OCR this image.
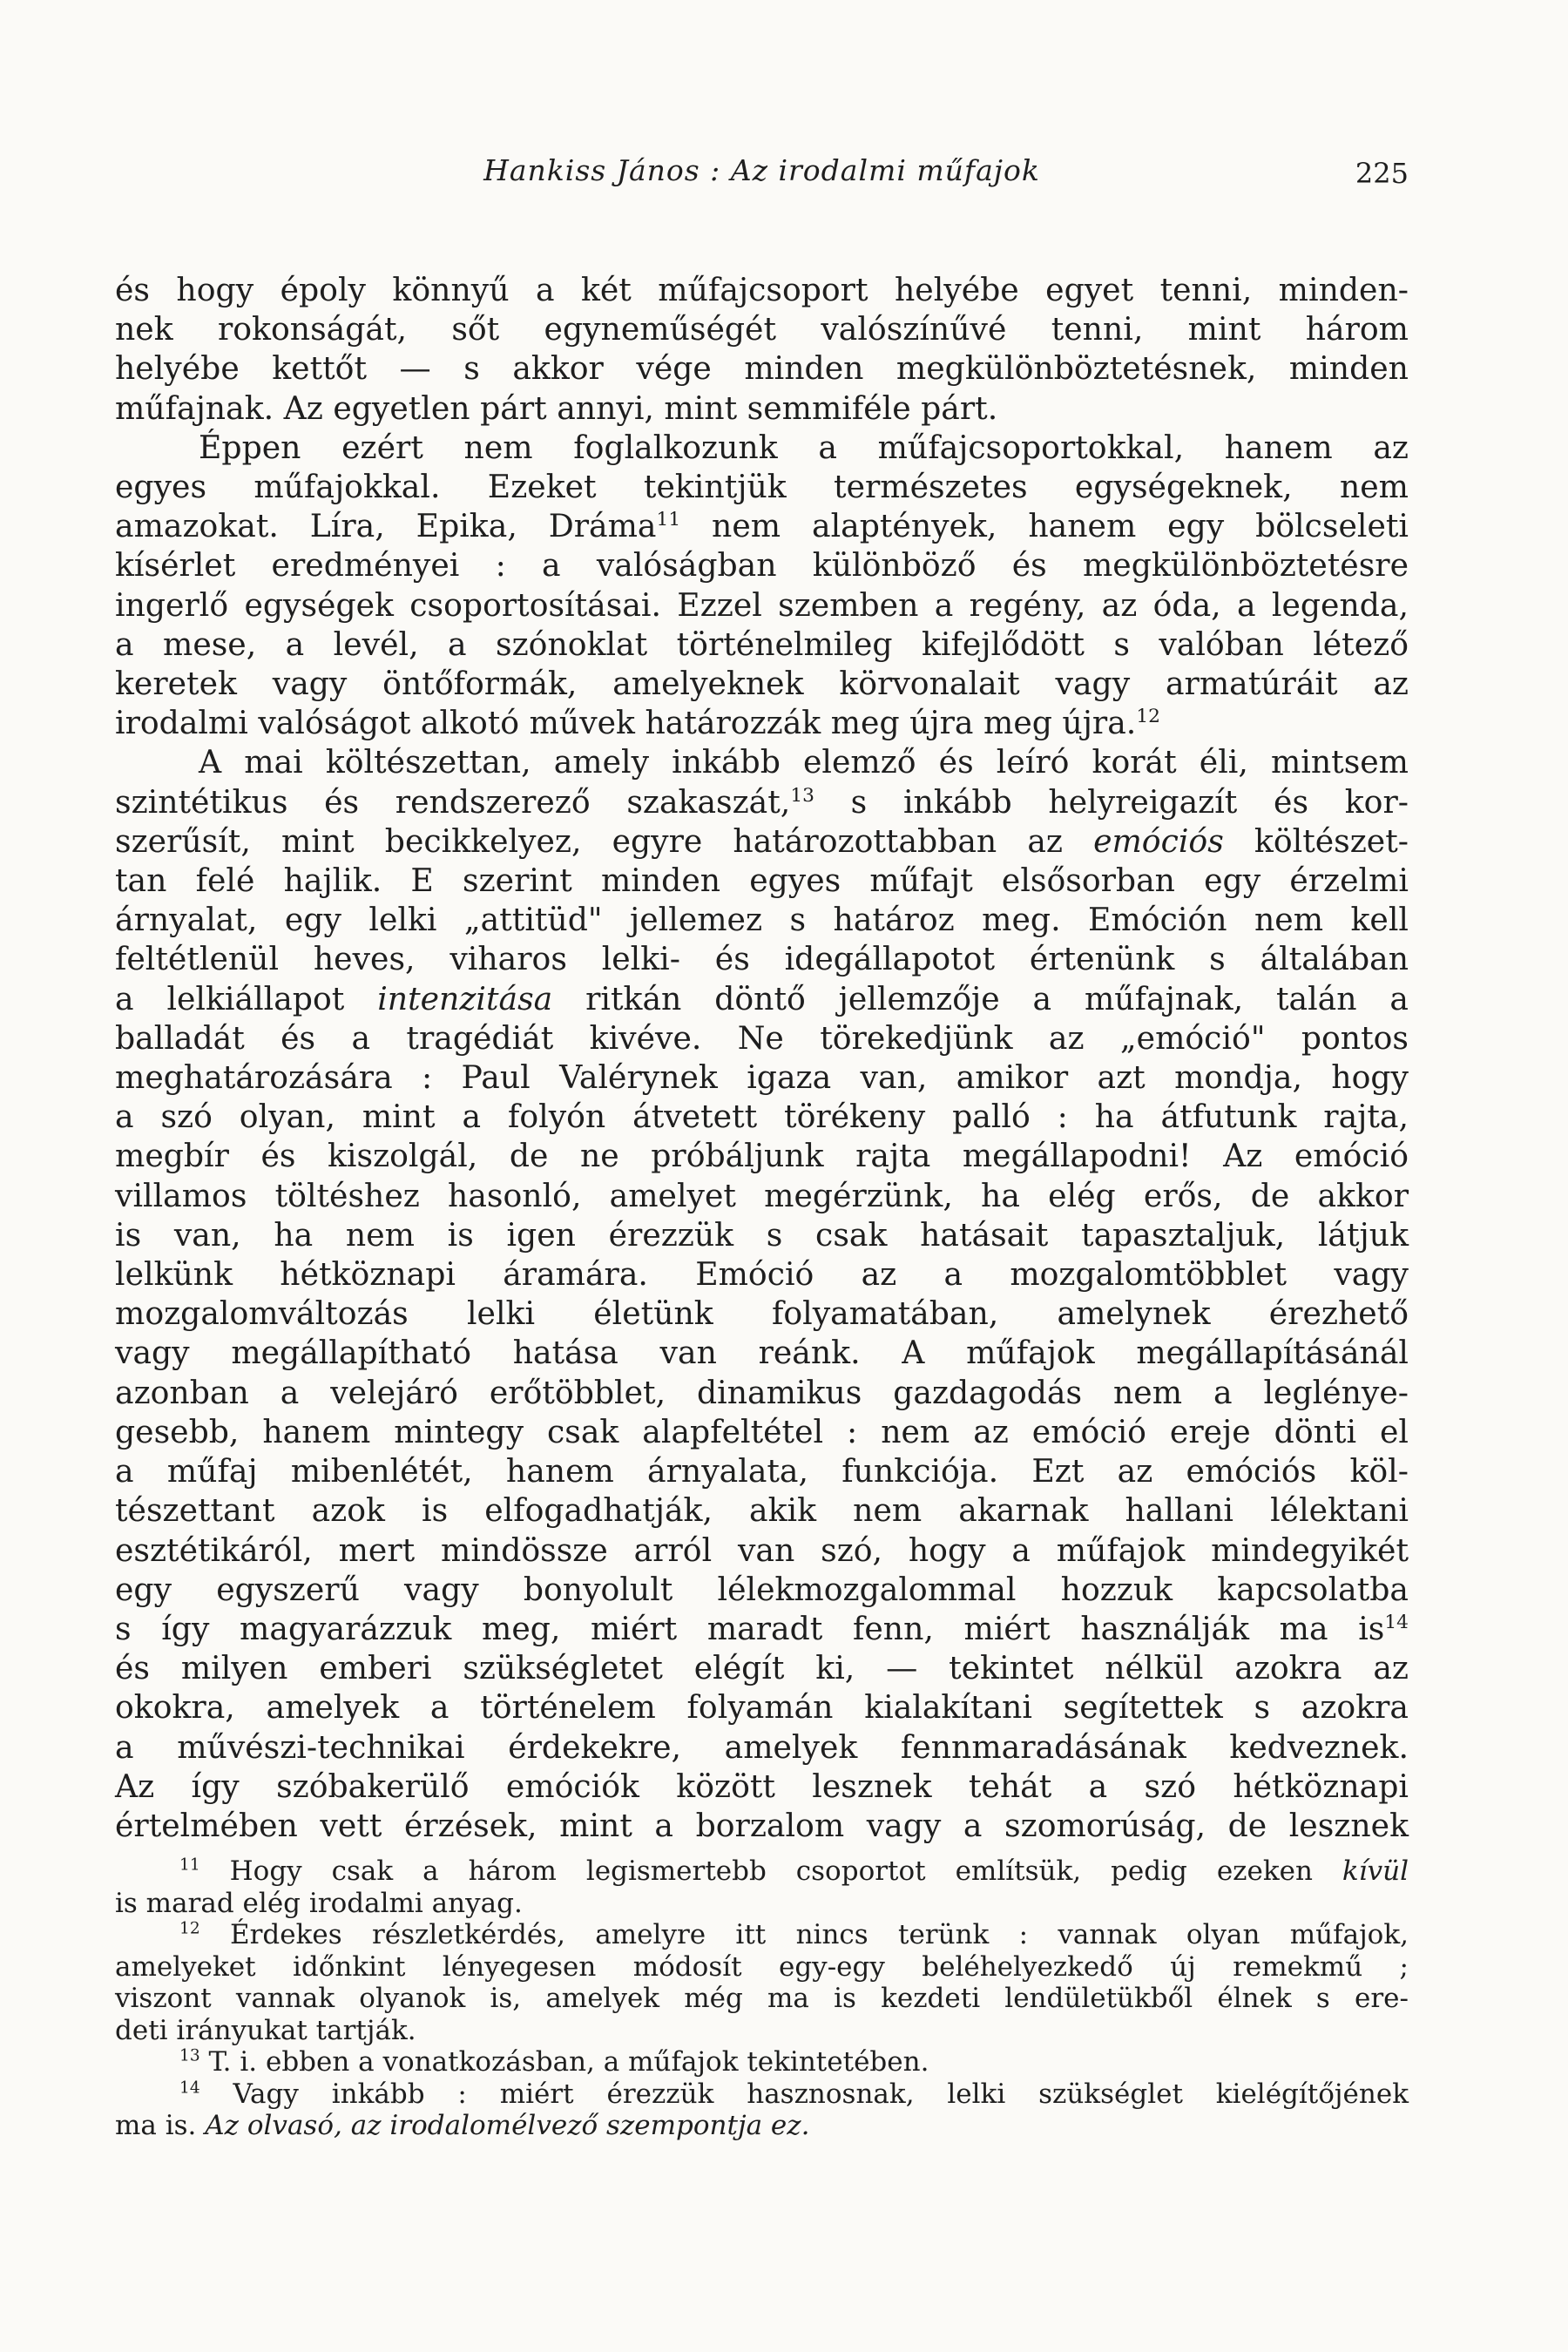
Hankiss János : Az irodalmi műfajok	225

és hogy époly könnyű a két műfajcsoport helyébe egyet tenni, minden-
nek rokonságát, sőt egyneműségét valószínűvé tenni, mint három
helyébe kettőt — s akkor vége minden megkülönböztetésnek, minden
műfajnak. Az egyetlen párt annyi, mint semmiféle párt.

Éppen ezért nem foglalkozunk a műfajcsoportokkal, hanem az
egyes műfajokkal. Ezeket tekintjük természetes egységeknek, nem
amazokat. Líra, Epika, Dráma$^{11}$ nem alaptények, hanem egy bölcseleti
kísérlet eredményei : a valóságban különböző és megkülönböztetésre
ingerlő egységek csoportosításai. Ezzel szemben a regény, az óda, a legenda,
a mese, a levél, a szónoklat történelmileg kifejlődött s valóban létező
keretek vagy öntőformák, amelyeknek körvonalait vagy armatúráit az
irodalmi valóságot alkotó művek határozzák meg újra meg újra.$^{12}$

A mai költészettan, amely inkább elemző és leíró korát éli, mintsem
szintétikus és rendszerező szakaszát,$^{13}$ s inkább helyreigazít és kor-
szerűsít, mint becikkelyez, egyre határozottabban az emóciós költészet-
tan felé hajlik. E szerint minden egyes műfajt elsősorban egy érzelmi
árnyalat, egy lelki „attitüd" jellemez s határoz meg. Emóción nem kell
feltétlenül heves, viharos lelki- és idegállapotot értenünk s általában
a lelkiállapot intenzitása ritkán döntő jellemzője a műfajnak, talán a
balladát és a tragédiát kivéve. Ne törekedjünk az „emóció" pontos
meghatározására : Paul Valérynek igaza van, amikor azt mondja, hogy
a szó olyan, mint a folyón átvetett törékeny palló : ha átfutunk rajta,
megbír és kiszolgál, de ne próbáljunk rajta megállapodni! Az emóció
villamos töltéshez hasonló, amelyet megérzünk, ha elég erős, de akkor
is van, ha nem is igen érezzük s csak hatásait tapasztaljuk, látjuk
lelkünk hétköznapi áramára. Emóció az a mozgalomtöbblet vagy
mozgalomváltozás lelki életünk folyamatában, amelynek érezhető
vagy megállapítható hatása van reánk. A műfajok megállapításánál
azonban a velejáró erőtöbblet, dinamikus gazdagodás nem a leglénye-
gesebb, hanem mintegy csak alapfeltétel : nem az emóció ereje dönti el
a műfaj mibenlétét, hanem árnyalata, funkciója. Ezt az emóciós köl-
tészettant azok is elfogadhatják, akik nem akarnak hallani lélektani
esztétikáról, mert mindössze arról van szó, hogy a műfajok mindegyikét
egy egyszerű vagy bonyolult lélekmozgalommal hozzuk kapcsolatba
s így magyarázzuk meg, miért maradt fenn, miért használják ma $is^{14}$
és milyen emberi szükségletet elégít ki, — tekintet nélkül azokra az
okokra, amelyek a történelem folyamán kialakítani segítettek s azokra
a művészi-technikai érdekekre, amelyek fennmaradásának kedveznek.
Az így szóbakerülő emóciók között lesznek tehát a szó hétköznapi
értelmében vett érzések, mint a borzalom vagy a szomorúság, de lesznek

$^{11}$ Hogy csak a három legismertebb csoportot említsük, pedig ezeken kívül
is marad elég irodalmi anyag.

$^{12}$ Érdekes részletkérdés, amelyre itt nincs terünk : vannak olyan műfajok,
amelyeket időnkint lényegesen módosít egy-egy beléhelyezkedő új remekmű ;
viszont vannak olyanok is, amelyek még ma is kezdeti lendületükből élnek s ere-
deti irányukat tartják.

$^{13}$ T. i. ebben a vonatkozásban, a műfajok tekintetében.

$^{14}$ Vagy inkább : miért érezzük hasznosnak, lelki szükséglet kielégítőjének
ma is. Az olvasó, az irodalomélvező szempontja ez.
